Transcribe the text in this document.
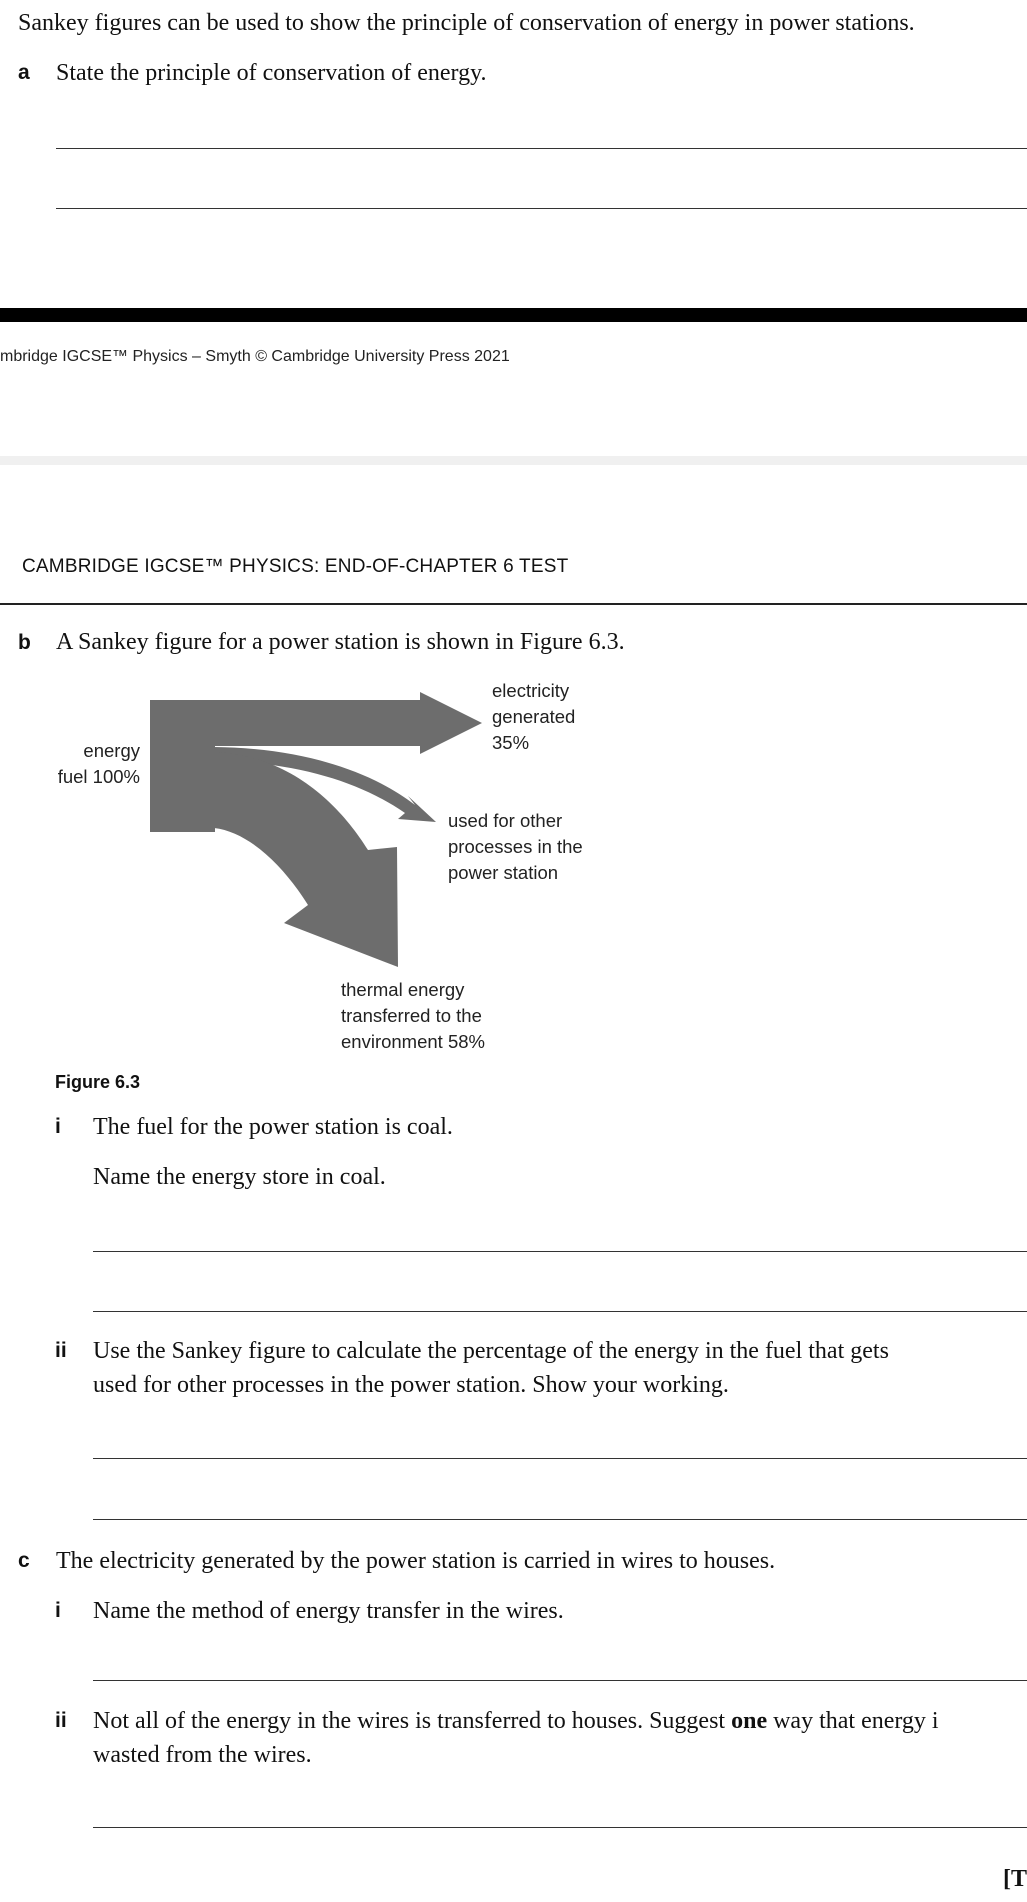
Sankey figures can be used to show the principle of conservation of energy in power stations.
a State the principle of conservation of energy.
mbridge IGCSE™ Physics – Smyth © Cambridge University Press 2021
CAMBRIDGE IGCSE™ PHYSICS: END-OF-CHAPTER 6 TEST
b A Sankey figure for a power station is shown in Figure 6.3.
energy
fuel 100%
electricity
generated
35%
used for other
processes in the
power station
thermal energy
transferred to the
environment 58%
Figure 6.3
i The fuel for the power station is coal.
Name the energy store in coal.
ii Use the Sankey figure to calculate the percentage of the energy in the fuel that gets
used for other processes in the power station. Show your working.
c The electricity generated by the power station is carried in wires to houses.
i Name the method of energy transfer in the wires.
ii Not all of the energy in the wires is transferred to houses. Suggest one way that energy i
wasted from the wires.
[T
